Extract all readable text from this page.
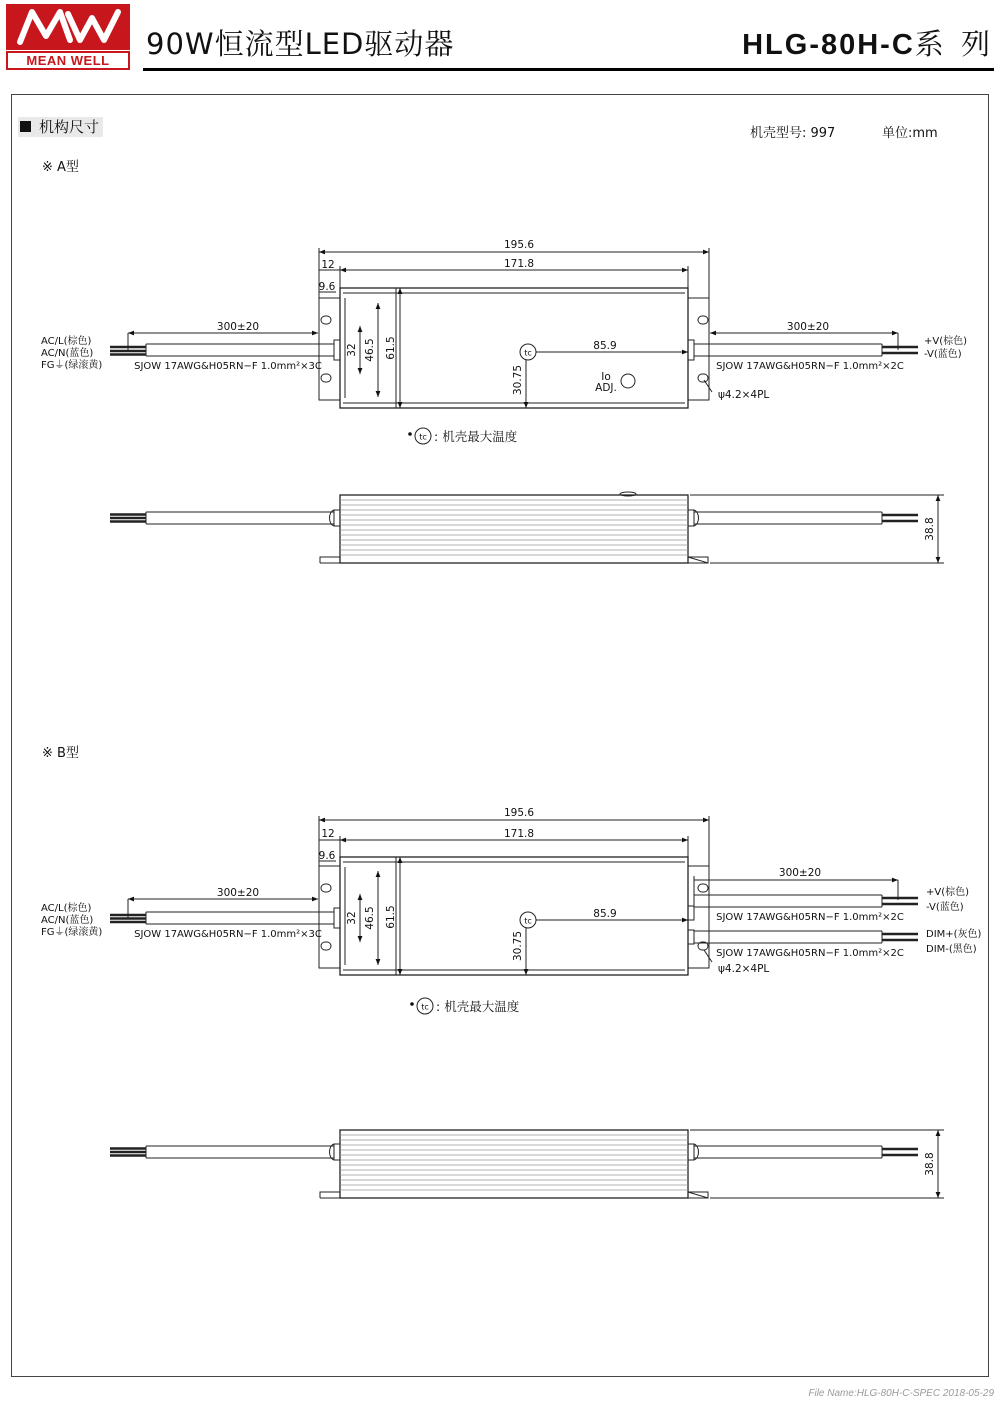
MEAN WELL	90W恒流型LED驱动器	HLG-80H-C系 列
机构尺寸	机壳型号: 997	单位:mm
※ A型
※ B型
195.6
171.8
12
9.6
300±20	300±20
SJOW 17AWG&H05RN−F 1.0mm²×3C	SJOW 17AWG&H05RN−F 1.0mm²×2C
AC/L(棕色)
AC/N(蓝色)
FG⏚(绿滚黄)
+V(棕色)
-V(蓝色)
85.9
tc
Io
ADJ.
ψ4.2×4PL
32 46.5 61.5
30.75
tc : 机壳最大温度
38.8
195.6
171.8
12
9.6
300±20
300±20
SJOW 17AWG&H05RN−F 1.0mm²×3C
SJOW 17AWG&H05RN−F 1.0mm²×2C
SJOW 17AWG&H05RN−F 1.0mm²×2C
AC/L(棕色)
AC/N(蓝色)
FG⏚(绿滚黄)
+V(棕色)
-V(蓝色)
DIM+(灰色)
DIM-(黑色)
85.9
tc
ψ4.2×4PL
32 46.5 61.5
30.75
tc : 机壳最大温度
38.8
File Name:HLG-80H-C-SPEC 2018-05-29
